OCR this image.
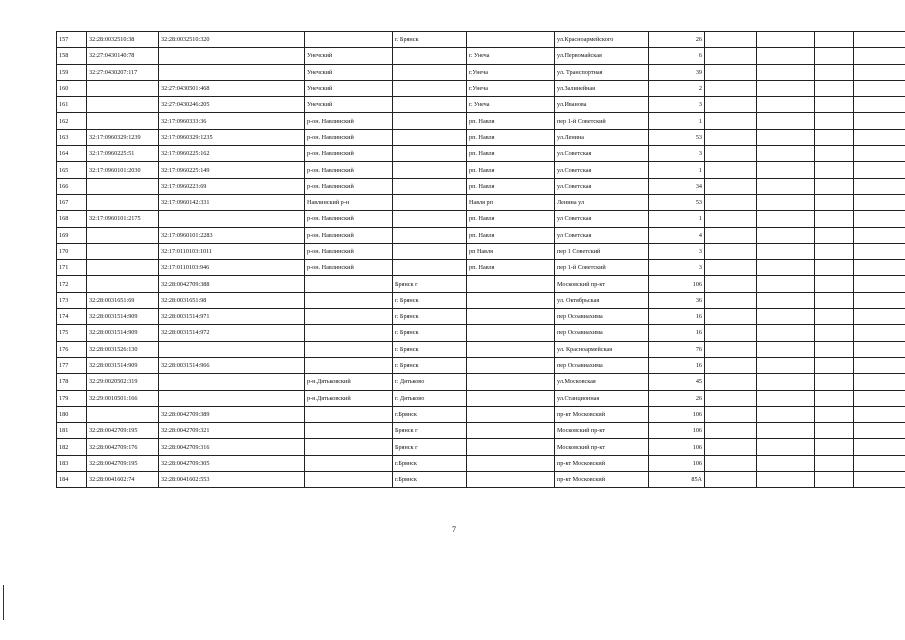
157	32:28:0032510:38	32:28:0032510:320		г. Брянск		ул.Красноармейского	26				
158	32:27:0430140:78		Унечский		г. Унеча	ул.Первомайская	6				
159	32:27:0430207:117		Унечский		г.Унеча	ул. Транспортная	39				
160		32:27:0430501:468	Унечский		г.Унеча	ул.Залинейная	2				
161		32:27:0430246:205	Унечский		г. Унеча	ул.Иванова	3				
162		32:17:0960333:36	р-он. Навлинский		рп. Навля	пер 1-й Советский	1				
163	32:17:0960329:1239	32:17:0960329:1235	р-он. Навлинский		рп. Навля	ул.Ленина	53				
164	32:17:0960225:51	32:17:0960225:162	р-он. Навлинский		рп. Навля	ул.Советская	3				
165	32:17:0960101:2030	32:17:0960225:149	р-он. Навлинский		рп. Навля	ул.Советская	1				
166		32:17:0960223:69	р-он. Навлинский		рп. Навля	ул.Советская	34				
167		32:17:0960142:331	Навлинский р-н		Навля рп	Ленина ул	53				
168	32:17:0960101:2175		р-он. Навлинский		рп. Навля	ул Советская	1				
169		32:17:0960101:2283	р-он. Навлинский		рп. Навля	ул Советская	4				
170		32:17:0110103:1011	р-он. Навлинский		рп Навля	пер 1 Советский	3				
171		32:17:0110103:946	р-он. Навлинский		рп. Навля	пер 1-й Советский	3				
172		32:28:0042709:388		Брянск г		Московский пр-кт	106				
173	32:28:0031651:69	32:28:0031651:98		г. Брянск		ул. Октябрьская	36				
174	32:28:0031514:909	32:28:0031514:971		г. Брянск		пер Осоавиахима	16				
175	32:28:0031514:909	32:28:0031514:972		г. Брянск		пер Осоавиахима	16				
176	32:28:0031526:130			г. Брянск		ул. Красноармейская	76				
177	32:28:0031514:909	32:28:0031514:966		г. Брянск		пер Осоавиахима	16				
178	32:29:0020502:319		р-н.Дятьковский	г. Дятьково		ул.Московская	45				
179	32:29:0010501:166		р-н.Дятьковский	г. Дятьково		ул.Станционная	26				
180		32:28:0042709:389		г.Брянск		пр-кт Московский	106				
181	32:28:0042709:195	32:28:0042709:321		Брянск г		Московский пр-кт	106				
182	32:28:0042709:176	32:28:0042709:316		Брянск г		Московский пр-кт	106				
183	32:28:0042709:195	32:28:0042709:305		г.Брянск		пр-кт Московский	106				
184	32:28:0041602:74	32:28:0041602:553		г.Брянск		пр-кт Московский	85А				
7
